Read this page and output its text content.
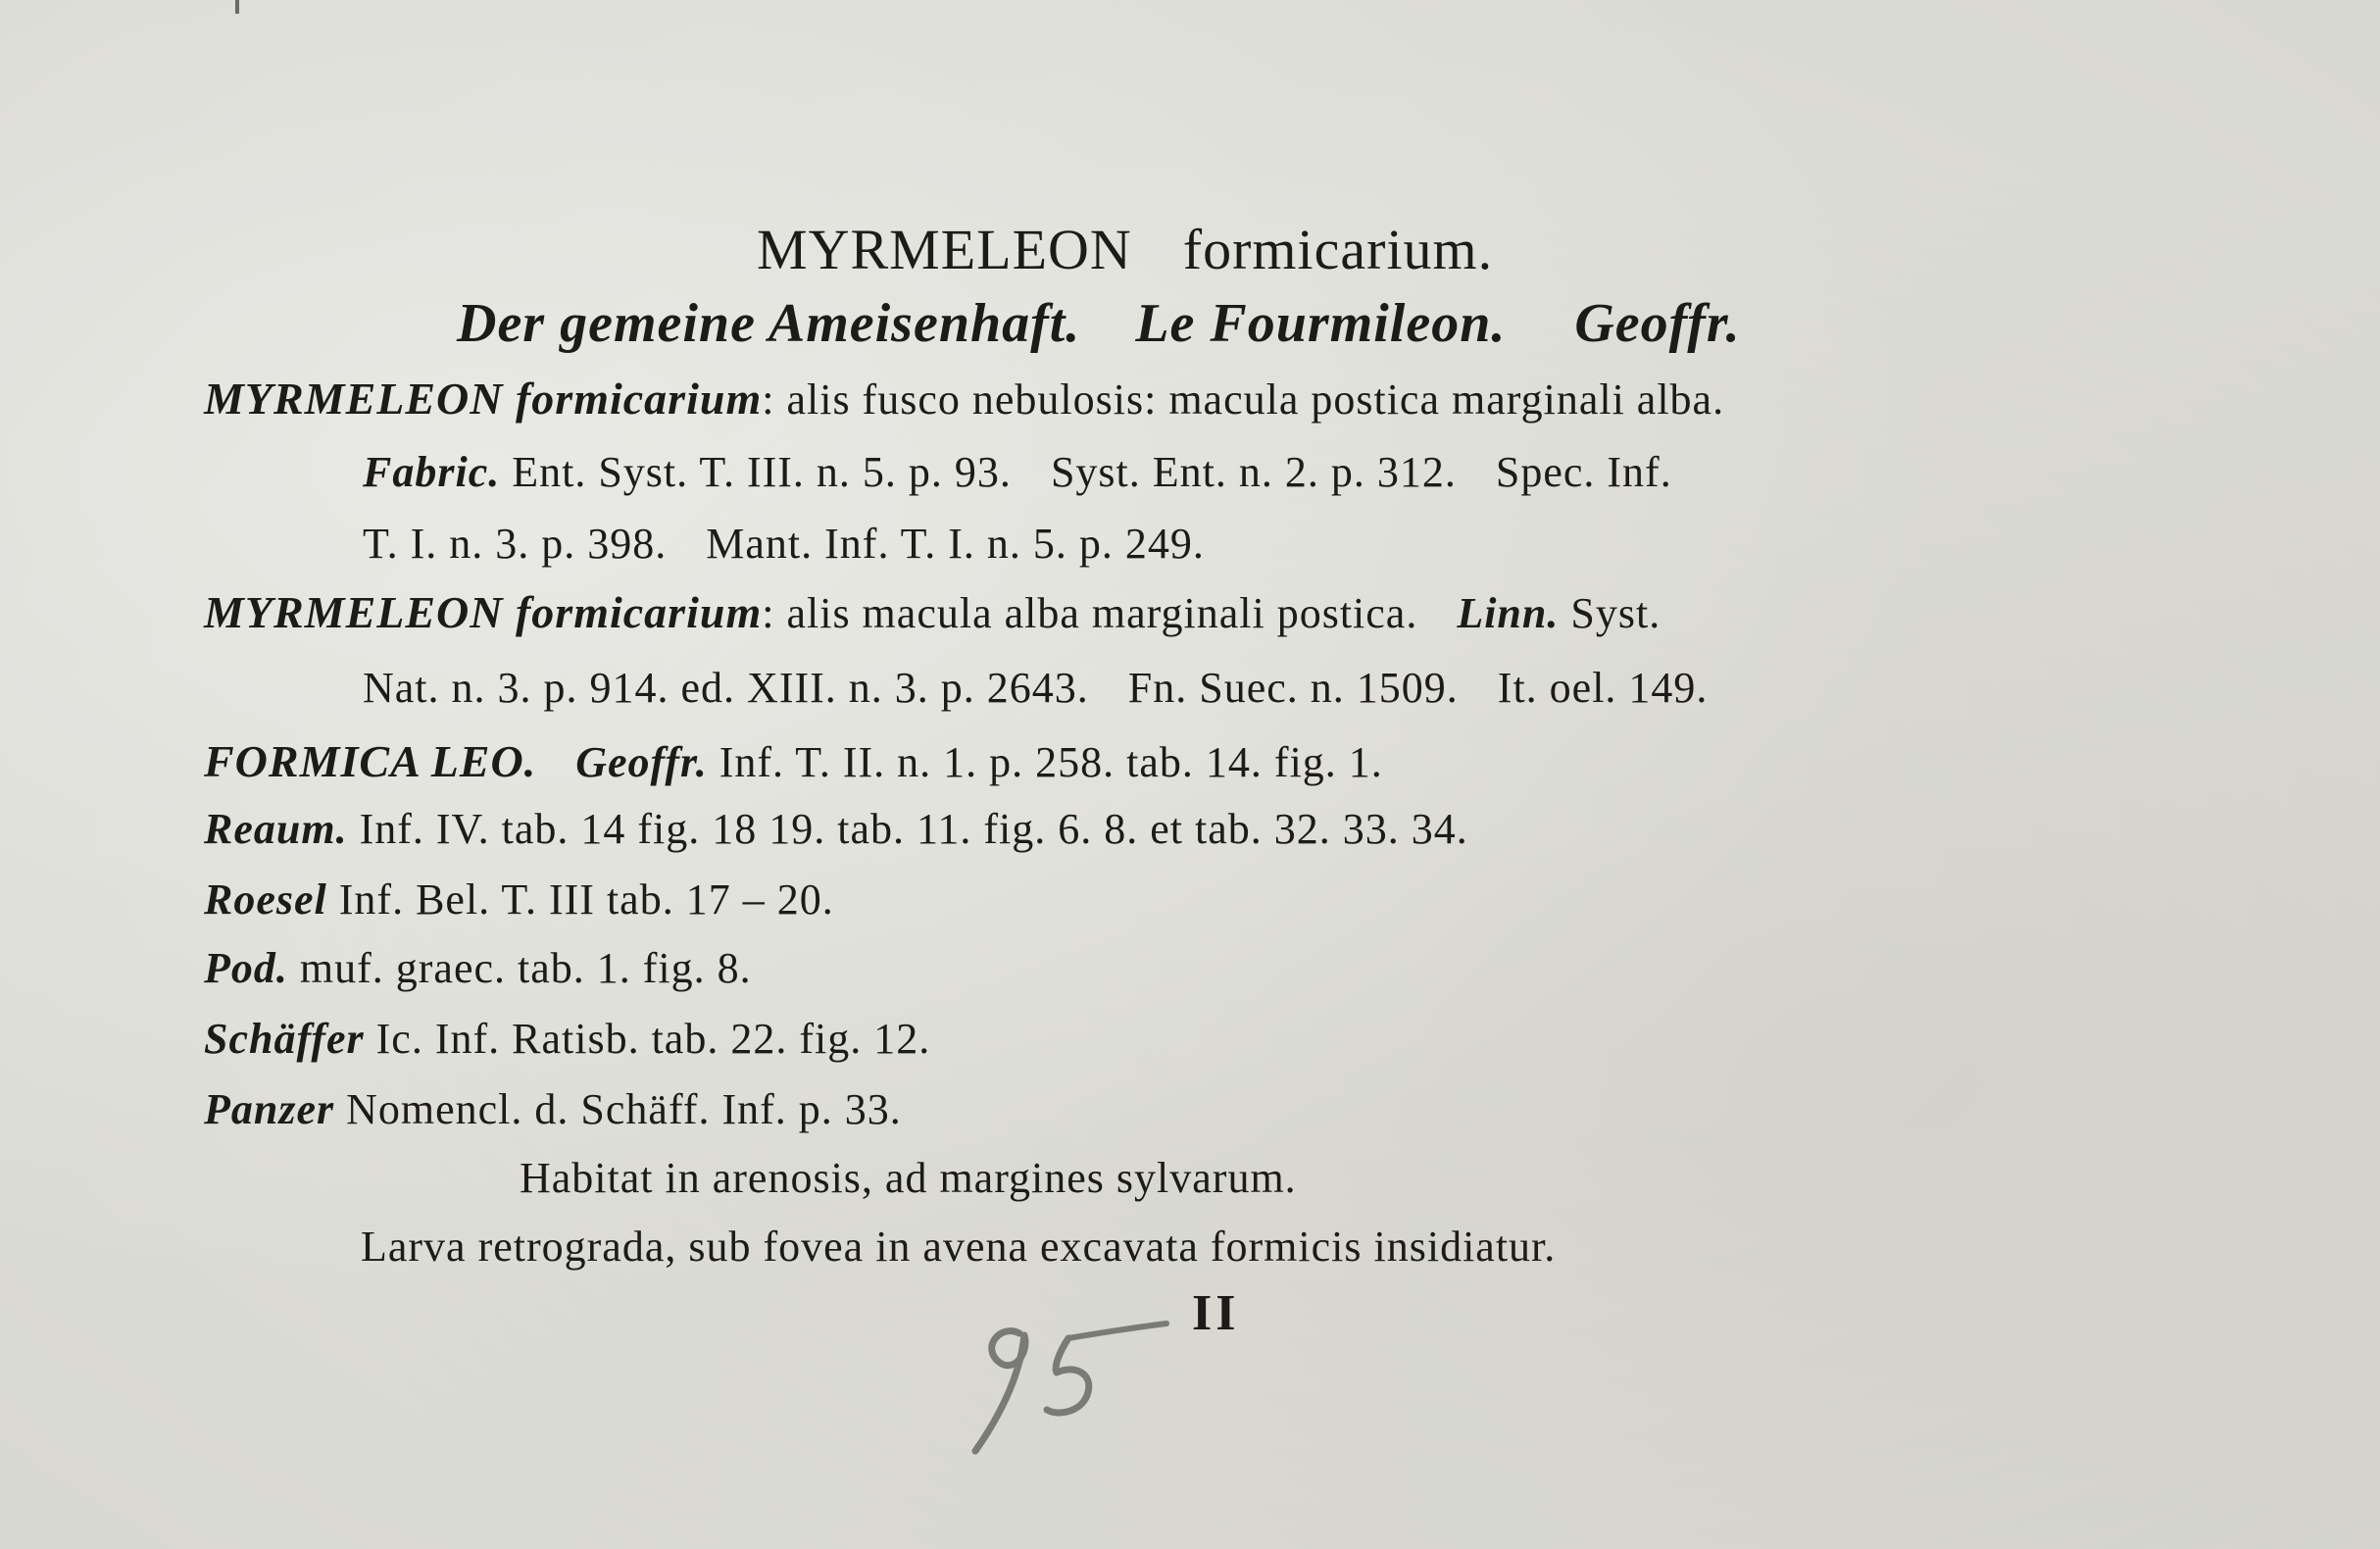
MYRMELEON formicarium.
Der gemeine Ameisenhaft. Le Fourmileon. Geoffr.
MYRMELEON formicarium: alis fusco nebulosis: macula postica marginali alba.
Fabric. Ent. Syst. T. III. n. 5. p. 93. Syst. Ent. n. 2. p. 312. Spec. Inf.
T. I. n. 3. p. 398. Mant. Inf. T. I. n. 5. p. 249.
MYRMELEON formicarium: alis macula alba marginali postica. Linn. Syst.
Nat. n. 3. p. 914. ed. XIII. n. 3. p. 2643. Fn. Suec. n. 1509. It. oel. 149.
FORMICA LEO. Geoffr. Inf. T. II. n. 1. p. 258. tab. 14. fig. 1.
Reaum. Inf. IV. tab. 14 fig. 18 19. tab. 11. fig. 6. 8. et tab. 32. 33. 34.
Roesel Inf. Bel. T. III tab. 17 – 20.
Pod. muf. graec. tab. 1. fig. 8.
Schäffer Ic. Inf. Ratisb. tab. 22. fig. 12.
Panzer Nomencl. d. Schäff. Inf. p. 33.
Habitat in arenosis, ad margines sylvarum.
Larva retrograda, sub fovea in avena excavata formicis insidiatur.
II
